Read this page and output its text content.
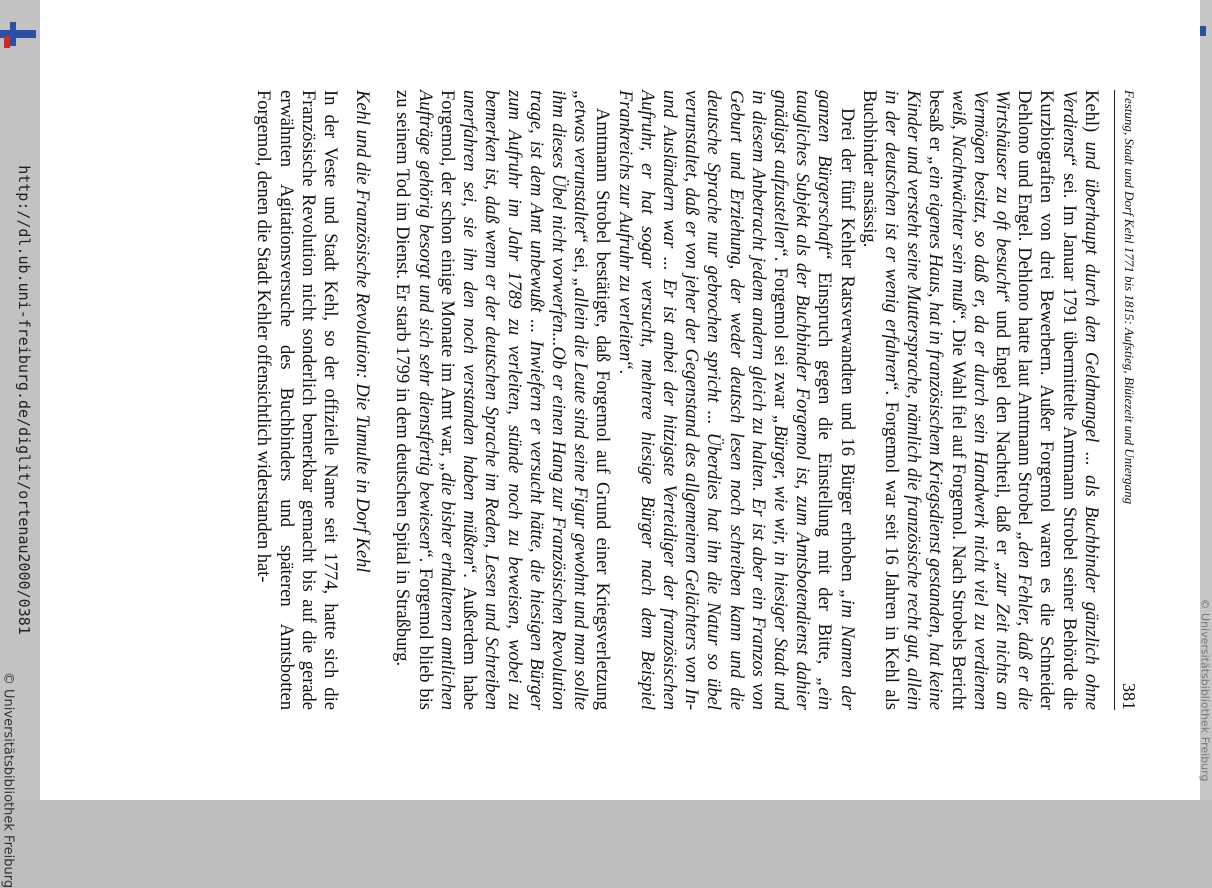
Festung, Stadt und Dorf Kehl 1771 bis 1815: Aufstieg, Blütezeit und Untergang
381

Kehl) und überhaupt durch den Geldmangel ... als Buchbinder gänzlich ohne Verdienst“ sei. Im Januar 1791 übermittelte Amtmann Strobel seiner Behörde die Kurzbiografien von drei Bewerbern. Außer Forgemol waren es die Schneider Dehlono und Engel. Dehlono hatte laut Amtmann Strobel „den Fehler, daß er die Wirtshäuser zu oft besucht“ und Engel den Nachteil, daß er „zur Zeit nichts an Vermögen besitzt, so daß er, da er durch sein Handwerk nicht viel zu verdienen weiß, Nachtwächter sein muß“. Die Wahl fiel auf Forgemol. Nach Strobels Bericht besaß er „ein eigenes Haus, hat in französischem Kriegsdienst gestanden, hat keine Kinder und versteht seine Muttersprache, nämlich die französische recht gut, allein in der deutschen ist er wenig erfahren“. Forgemol war seit 16 Jahren in Kehl als Buchbinder ansässig.

Drei der fünf Kehler Ratsverwandten und 16 Bürger erhoben „im Namen der ganzen Bürgerschaft“ Einspruch gegen die Einstellung mit der Bitte, „ein taugliches Subjekt als der Buchbinder Forgemol ist, zum Amtsbotendienst dahier gnädigst aufzustellen“. Forgemol sei zwar „Bürger, wie wir, in hiesiger Stadt und in diesem Anbetracht jedem andern gleich zu halten. Er ist aber ein Franzos von Geburt und Erziehung, der weder deutsch lesen noch schreiben kann und die deutsche Sprache nur gebrochen spricht ... Überdies hat ihn die Natur so übel verunstaltet, daß er von jeher der Gegenstand des allgemeinen Gelächters von In- und Ausländern war ... Er ist anbei der hitzigste Verteidiger der französischen Aufruhr, er hat sogar versucht, mehrere hiesige Bürger nach dem Beispiel Frankreichs zur Aufruhr zu verleiten“.

Amtmann Strobel bestätigte, daß Forgemol auf Grund einer Kriegsverletzung „etwas verunstaltet“ sei, „allein die Leute sind seine Figur gewohnt und man sollte ihm dieses Übel nicht vorwerfen...Ob er einen Hang zur Französischen Revolution trage, ist dem Amt unbewußt ... Inwiefern er versucht hätte, die hiesigen Bürger zum Aufruhr im Jahr 1789 zu verleiten, stünde noch zu beweisen, wobei zu bemerken ist, daß wenn er der deutschen Sprache im Reden, Lesen und Schreiben unerfahren sei, sie ihn den noch verstanden haben müßten“. Außerdem habe Forgemol, der schon einige Monate im Amt war, „die bisher erhaltenen amtlichen Aufträge gehörig besorgt und sich sehr dienstfertig bewiesen“. Forgemol blieb bis zu seinem Tod im Dienst. Er starb 1799 in dem deutschen Spital in Straßburg.

Kehl und die Französische Revolution: Die Tumulte in Dorf Kehl

In der Veste und Stadt Kehl, so der offizielle Name seit 1774, hatte sich die Französische Revolution nicht sonderlich bemerkbar gemacht bis auf die gerade erwähnten Agitationsversuche des Buchbinders und späteren Amtsbotten Forgemol, denen die Stadt Kehler offensichtlich widerstanden hat-

http://dl.ub.uni-freiburg.de/diglit/ortenau2000/0381
© Universitätsbibliothek Freiburg	© Universitätsbibliothek Freiburg
